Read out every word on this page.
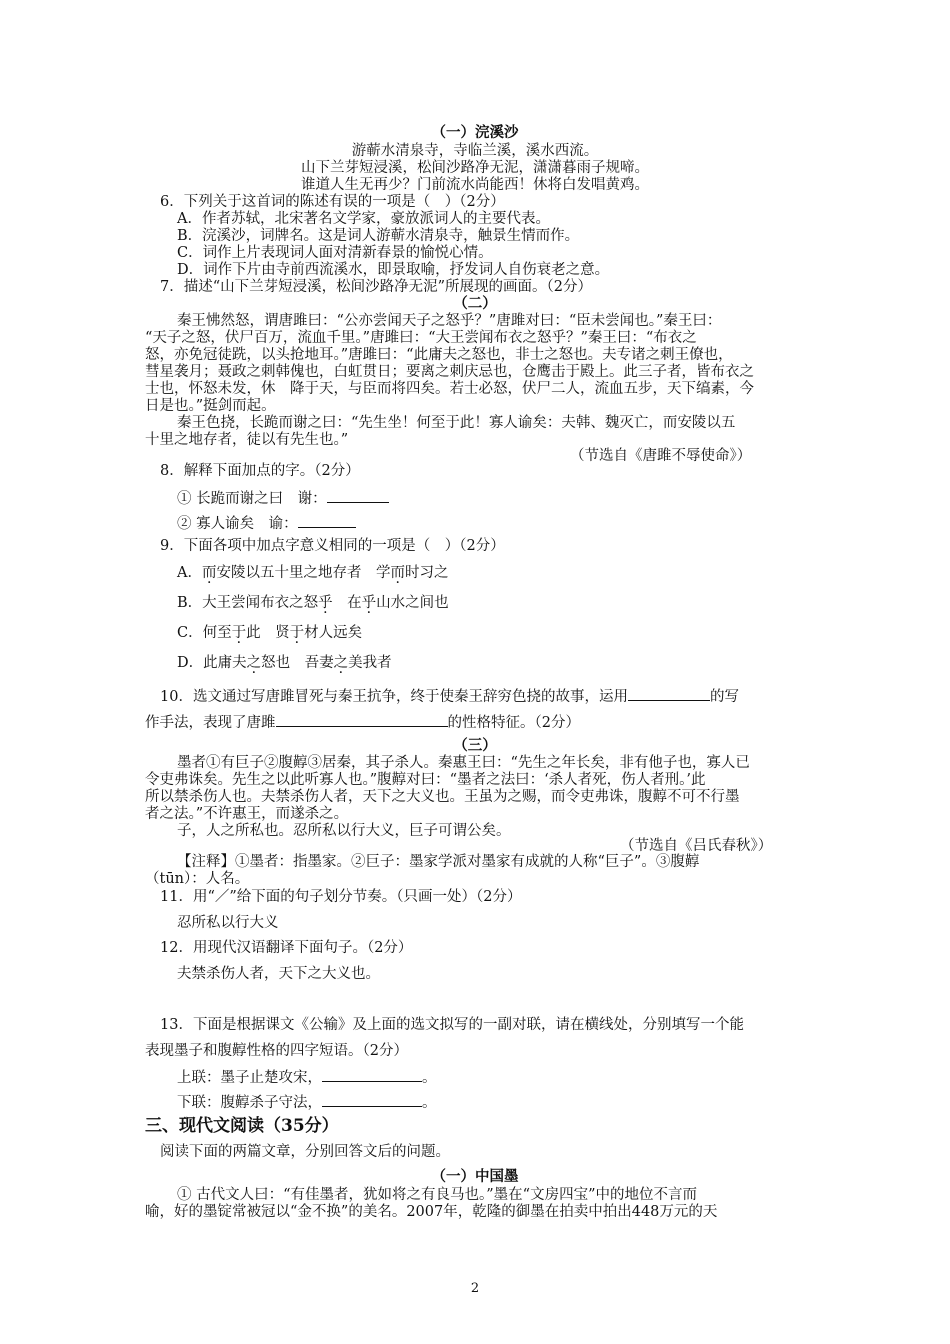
（一）浣溪沙
游蕲水清泉寺，寺临兰溪，溪水西流。
山下兰芽短浸溪，松间沙路净无泥，潇潇暮雨子规啼。
谁道人生无再少？门前流水尚能西！休将白发唱黄鸡。
6．下列关于这首词的陈述有误的一项是（　）（2分）
A．作者苏轼，北宋著名文学家，豪放派词人的主要代表。
B．浣溪沙，词牌名。这是词人游蕲水清泉寺，触景生情而作。
C．词作上片表现词人面对清新春景的愉悦心情。
D．词作下片由寺前西流溪水，即景取喻，抒发词人自伤衰老之意。
7．描述“山下兰芽短浸溪，松间沙路净无泥”所展现的画面。（2分）
（二）
秦王怫然怒，谓唐雎曰：“公亦尝闻天子之怒乎？”唐雎对曰：“臣未尝闻也。”秦王曰：
“天子之怒，伏尸百万，流血千里。”唐雎曰：“大王尝闻布衣之怒乎？”秦王曰：“布衣之
怒，亦免冠徒跣，以头抢地耳。”唐雎曰：“此庸夫之怒也，非士之怒也。夫专诸之刺王僚也，
彗星袭月；聂政之刺韩傀也，白虹贯日；要离之刺庆忌也，仓鹰击于殿上。此三子者，皆布衣之
士也，怀怒未发，休　降于天，与臣而将四矣。若士必怒，伏尸二人，流血五步，天下缟素，今
日是也。”挺剑而起。
秦王色挠，长跪而谢之曰：“先生坐！何至于此！寡人谕矣：夫韩、魏灭亡，而安陵以五
十里之地存者，徒以有先生也。”
（节选自《唐雎不辱使命》）
8．解释下面加点的字。（2分）
① 长跪而谢之曰　谢：
② 寡人谕矣　谕：
9．下面各项中加点字意义相同的一项是（　）（2分）
A．而安陵以五十里之地存者　学而时习之
B．大王尝闻布衣之怒乎　在乎山水之间也
C．何至于此　贤于材人远矣
D．此庸夫之怒也　吾妻之美我者
10．选文通过写唐雎冒死与秦王抗争，终于使秦王辞穷色挠的故事，运用	的写
作手法，表现了唐雎	的性格特征。（2分）
（三）
墨者①有巨子②腹䵍③居秦，其子杀人。秦惠王曰：“先生之年长矣，非有他子也，寡人已
令吏弗诛矣。先生之以此听寡人也。”腹䵍对曰：“墨者之法曰：‘杀人者死，伤人者刑。’此
所以禁杀伤人也。夫禁杀伤人者，天下之大义也。王虽为之赐，而令吏弗诛，腹䵍不可不行墨
者之法。”不许惠王，而遂杀之。
子，人之所私也。忍所私以行大义，巨子可谓公矣。
（节选自《吕氏春秋》）
【注释】①墨者：指墨家。②巨子：墨家学派对墨家有成就的人称“巨子”。③腹䵍
（tūn）：人名。
11．用“／”给下面的句子划分节奏。（只画一处）（2分）
忍所私以行大义
12．用现代汉语翻译下面句子。（2分）
夫禁杀伤人者，天下之大义也。
13．下面是根据课文《公输》及上面的选文拟写的一副对联，请在横线处，分别填写一个能
表现墨子和腹䵍性格的四字短语。（2分）
上联：墨子止楚攻宋，	。
下联：腹䵍杀子守法，	。
三、现代文阅读（35分）
阅读下面的两篇文章，分别回答文后的问题。
（一）中国墨
① 古代文人曰：“有佳墨者，犹如将之有良马也。”墨在“文房四宝”中的地位不言而
喻，好的墨锭常被冠以“金不换”的美名。2007年，乾隆的御墨在拍卖中拍出448万元的天
2
